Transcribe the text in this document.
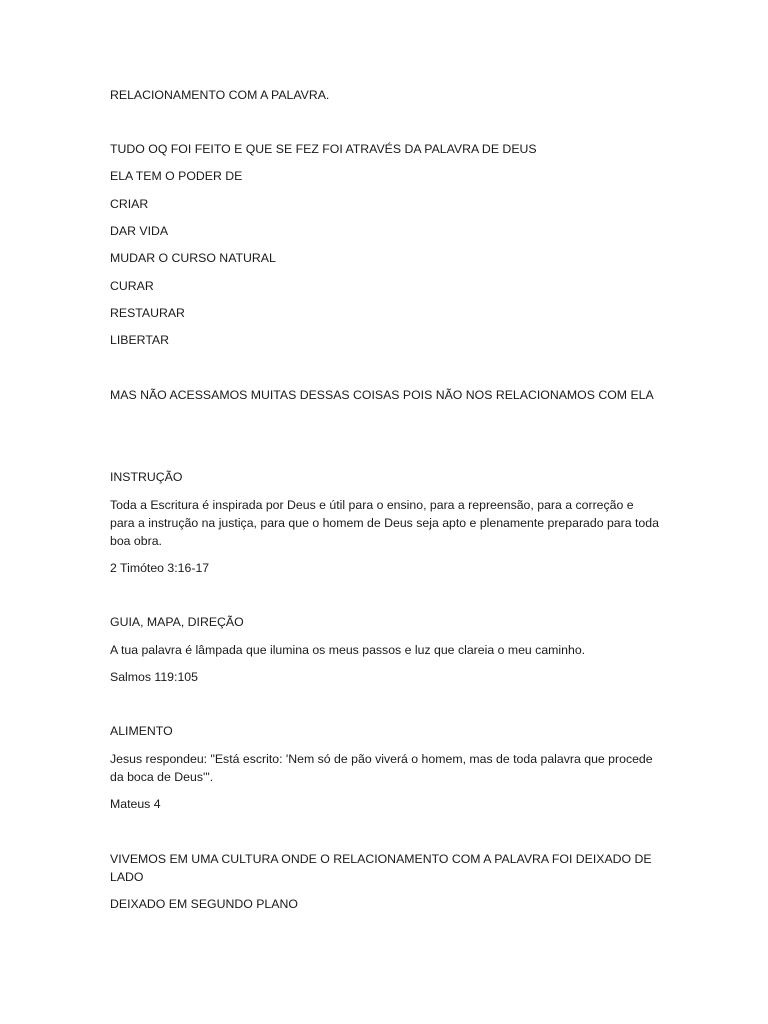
RELACIONAMENTO COM A PALAVRA.

TUDO OQ FOI FEITO E QUE SE FEZ FOI ATRAVÉS DA PALAVRA DE DEUS

ELA TEM O PODER DE

CRIAR

DAR VIDA

MUDAR O CURSO NATURAL

CURAR

RESTAURAR

LIBERTAR

MAS NÃO ACESSAMOS MUITAS DESSAS COISAS POIS NÃO NOS RELACIONAMOS COM ELA

INSTRUÇÃO

Toda a Escritura é inspirada por Deus e útil para o ensino, para a repreensão, para a correção e para a instrução na justiça, para que o homem de Deus seja apto e plenamente preparado para toda boa obra.

2 Timóteo 3:16-17

GUIA, MAPA, DIREÇÃO

A tua palavra é lâmpada que ilumina os meus passos e luz que clareia o meu caminho.

Salmos 119:105

ALIMENTO

Jesus respondeu: "Está escrito: 'Nem só de pão viverá o homem, mas de toda palavra que procede da boca de Deus'".

Mateus 4

VIVEMOS EM UMA CULTURA ONDE O RELACIONAMENTO COM A PALAVRA FOI DEIXADO DE LADO

DEIXADO EM SEGUNDO PLANO
